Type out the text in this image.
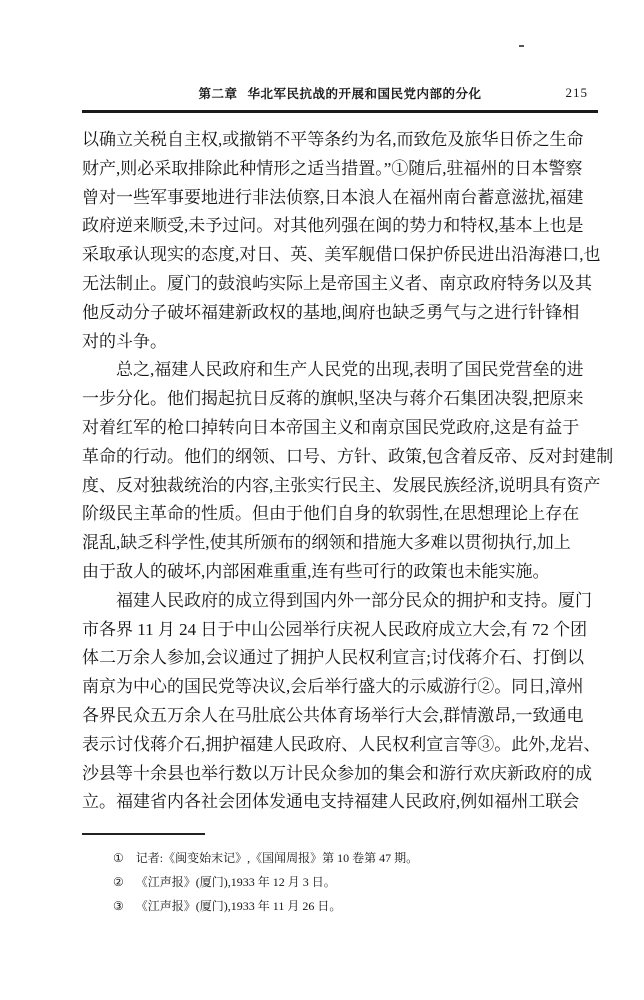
第二章 华北军民抗战的开展和国民党内部的分化	215
以确立关税自主权,或撤销不平等条约为名,而致危及旅华日侨之生命
财产,则必采取排除此种情形之适当措置。”①随后,驻福州的日本警察
曾对一些军事要地进行非法侦察,日本浪人在福州南台蓄意滋扰,福建
政府逆来顺受,未予过问。对其他列强在闽的势力和特权,基本上也是
采取承认现实的态度,对日、英、美军舰借口保护侨民进出沿海港口,也
无法制止。厦门的鼓浪屿实际上是帝国主义者、南京政府特务以及其
他反动分子破坏福建新政权的基地,闽府也缺乏勇气与之进行针锋相
对的斗争。
总之,福建人民政府和生产人民党的出现,表明了国民党营垒的进
一步分化。他们揭起抗日反蒋的旗帜,坚决与蒋介石集团决裂,把原来
对着红军的枪口掉转向日本帝国主义和南京国民党政府,这是有益于
革命的行动。他们的纲领、口号、方针、政策,包含着反帝、反对封建制
度、反对独裁统治的内容,主张实行民主、发展民族经济,说明具有资产
阶级民主革命的性质。但由于他们自身的软弱性,在思想理论上存在
混乱,缺乏科学性,使其所颁布的纲领和措施大多难以贯彻执行,加上
由于敌人的破坏,内部困难重重,连有些可行的政策也未能实施。
福建人民政府的成立得到国内外一部分民众的拥护和支持。厦门
市各界 11 月 24 日于中山公园举行庆祝人民政府成立大会,有 72 个团
体二万余人参加,会议通过了拥护人民权利宣言;讨伐蒋介石、打倒以
南京为中心的国民党等决议,会后举行盛大的示威游行②。同日,漳州
各界民众五万余人在马肚底公共体育场举行大会,群情激昂,一致通电
表示讨伐蒋介石,拥护福建人民政府、人民权利宣言等③。此外,龙岩、
沙县等十余县也举行数以万计民众参加的集会和游行欢庆新政府的成
立。福建省内各社会团体发通电支持福建人民政府,例如福州工联会
① 记者:《闽变始末记》,《国闻周报》第 10 卷第 47 期。
② 《江声报》(厦门),1933 年 12 月 3 日。
③ 《江声报》(厦门),1933 年 11 月 26 日。
